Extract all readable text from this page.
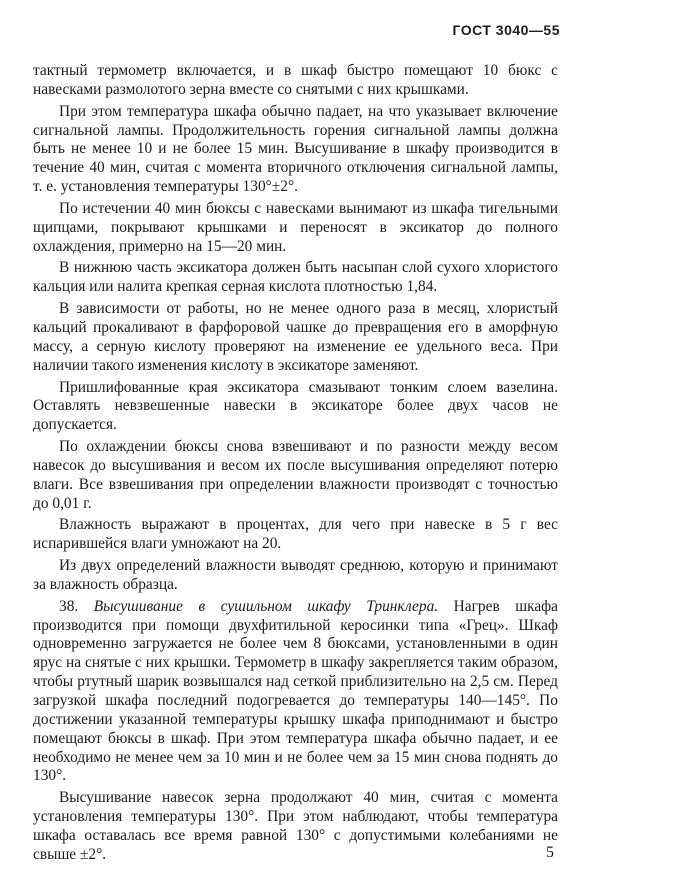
ГОСТ 3040—55

тактный термометр включается, и в шкаф быстро помещают 10 бюкс с навесками размолотого зерна вместе со снятыми с них крышками.

При этом температура шкафа обычно падает, на что указывает включение сигнальной лампы. Продолжительность горения сигнальной лампы должна быть не менее 10 и не более 15 мин. Высушивание в шкафу производится в течение 40 мин, считая с момента вторичного отключения сигнальной лампы, т. е. установления температуры 130°±2°.

По истечении 40 мин бюксы с навесками вынимают из шкафа тигельными щипцами, покрывают крышками и переносят в эксикатор до полного охлаждения, примерно на 15—20 мин.

В нижнюю часть эксикатора должен быть насыпан слой сухого хлористого кальция или налита крепкая серная кислота плотностью 1,84.

В зависимости от работы, но не менее одного раза в месяц, хлористый кальций прокаливают в фарфоровой чашке до превращения его в аморфную массу, а серную кислоту проверяют на изменение ее удельного веса. При наличии такого изменения кислоту в эксикаторе заменяют.

Пришлифованные края эксикатора смазывают тонким слоем вазелина. Оставлять невзвешенные навески в эксикаторе более двух часов не допускается.

По охлаждении бюксы снова взвешивают и по разности между весом навесок до высушивания и весом их после высушивания определяют потерю влаги. Все взвешивания при определении влажности производят с точностью до 0,01 г.

Влажность выражают в процентах, для чего при навеске в 5 г вес испарившейся влаги умножают на 20.

Из двух определений влажности выводят среднюю, которую и принимают за влажность образца.

38. Высушивание в сушильном шкафу Тринклера. Нагрев шкафа производится при помощи двухфитильной керосинки типа «Грец». Шкаф одновременно загружается не более чем 8 бюксами, установленными в один ярус на снятые с них крышки. Термометр в шкафу закрепляется таким образом, чтобы ртутный шарик возвышался над сеткой приблизительно на 2,5 см. Перед загрузкой шкафа последний подогревается до температуры 140—145°. По достижении указанной температуры крышку шкафа приподнимают и быстро помещают бюксы в шкаф. При этом температура шкафа обычно падает, и ее необходимо не менее чем за 10 мин и не более чем за 15 мин снова поднять до 130°.

Высушивание навесок зерна продолжают 40 мин, считая с момента установления температуры 130°. При этом наблюдают, чтобы температура шкафа оставалась все время равной 130° с допустимыми колебаниями не свыше ±2°.	5
